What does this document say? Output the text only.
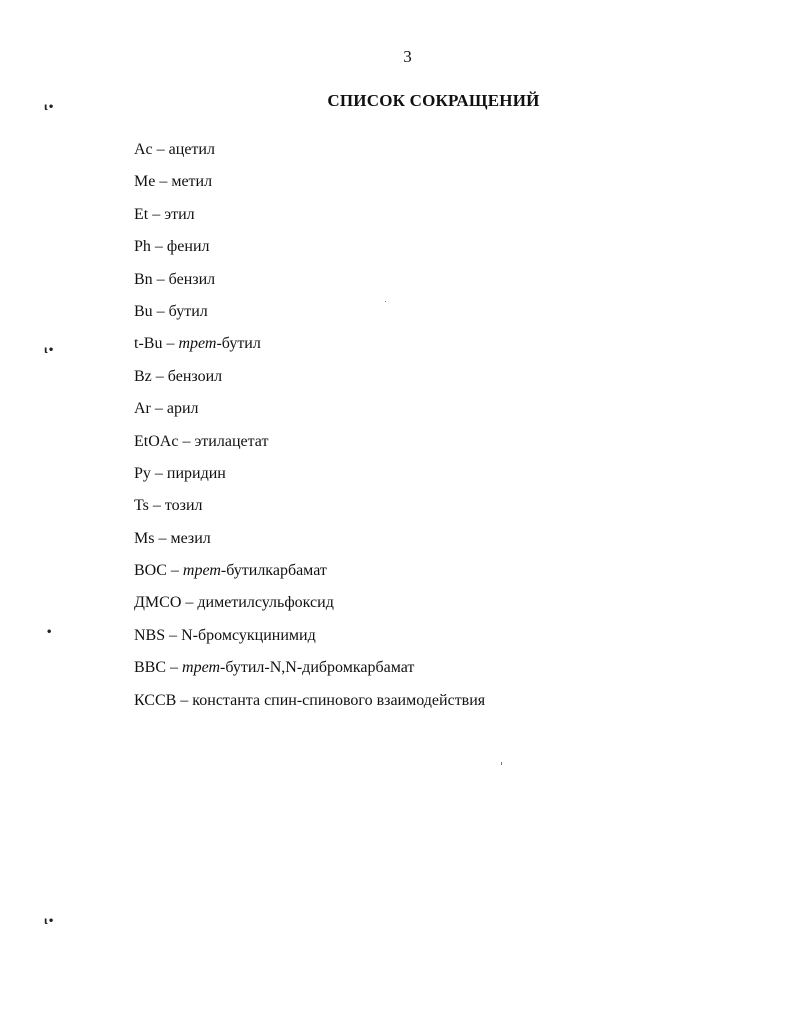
3
СПИСОК СОКРАЩЕНИЙ
Ac – ацетил
Me – метил
Et – этил
Ph – фенил
Bn – бензил
Bu – бутил
t-Bu – трет-бутил
Bz – бензоил
Ar – арил
EtOAc – этилацетат
Py – пиридин
Ts – тозил
Ms – мезил
BOC – трет-бутилкарбамат
ДМСО – диметилсульфоксид
NBS – N-бромсукцинимид
BBC – трет-бутил-N,N-дибромкарбамат
КССВ – константа спин-спинового взаимодействия
ι•
ι•
•
ι•
